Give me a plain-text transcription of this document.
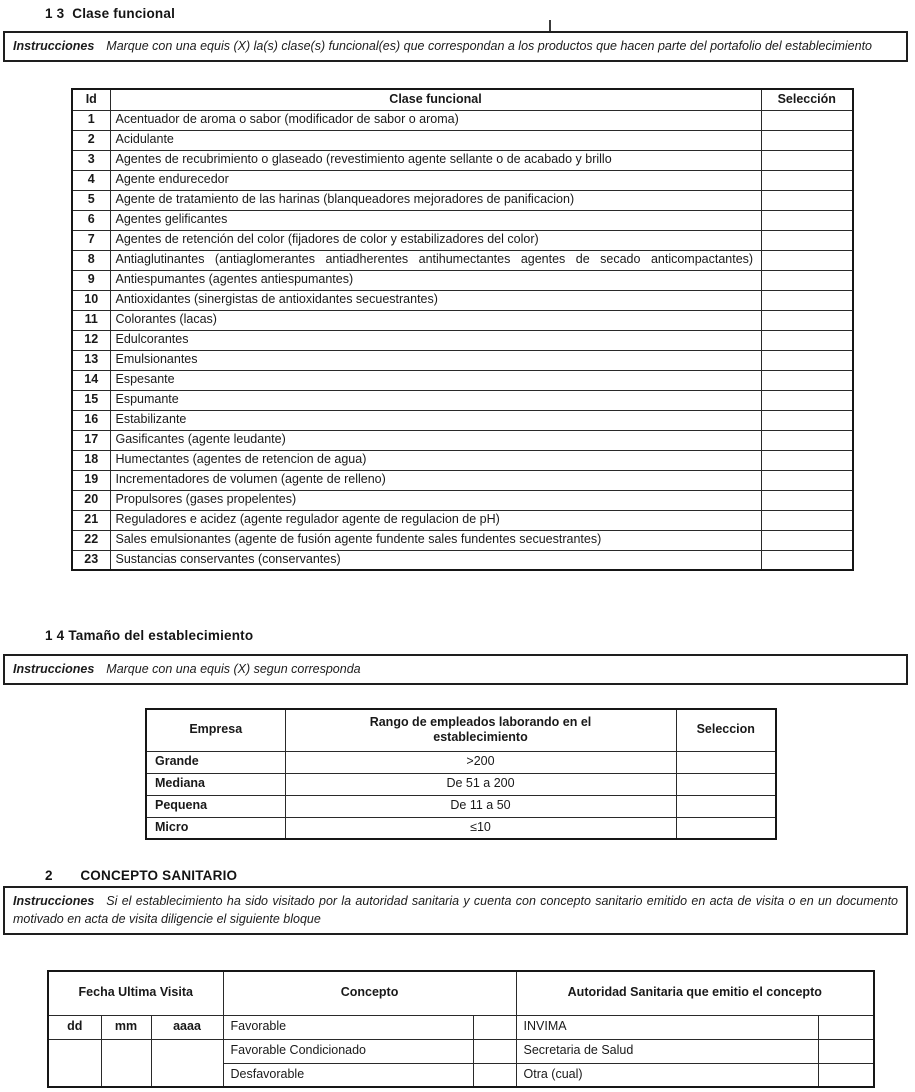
1 3  Clase funcional
Instrucciones Marque con una equis (X) la(s) clase(s) funcional(es) que correspondan a los productos que hacen parte del portafolio del establecimiento
Id	Clase funcional	Selección
1	Acentuador de aroma o sabor (modificador de sabor o aroma)	
2	Acidulante	
3	Agentes de recubrimiento o glaseado (revestimiento agente sellante o de acabado y brillo	
4	Agente endurecedor	
5	Agente de tratamiento de las harinas (blanqueadores mejoradores de panificacion)	
6	Agentes gelificantes	
7	Agentes de retención del color (fijadores de color y estabilizadores del color)	
8	Antiaglutinantes (antiaglomerantes antiadherentes antihumectantes agentes de secado anticompactantes)	
9	Antiespumantes (agentes antiespumantes)	
10	Antioxidantes (sinergistas de antioxidantes secuestrantes)	
11	Colorantes (lacas)	
12	Edulcorantes	
13	Emulsionantes	
14	Espesante	
15	Espumante	
16	Estabilizante	
17	Gasificantes (agente leudante)	
18	Humectantes (agentes de retencion de agua)	
19	Incrementadores de volumen (agente de relleno)	
20	Propulsores (gases propelentes)	
21	Reguladores e acidez (agente regulador agente de regulacion de pH)	
22	Sales emulsionantes (agente de fusión agente fundente sales fundentes secuestrantes)	
23	Sustancias conservantes (conservantes)	
1 4 Tamaño del establecimiento
Instrucciones Marque con una equis (X) segun corresponda
Empresa	Rango de empleados laborando en el establecimiento	Seleccion
Grande	>200	
Mediana	De 51 a 200	
Pequena	De 11 a 50	
Micro	≤10	
2       CONCEPTO SANITARIO
Instrucciones Si el establecimiento ha sido visitado por la autoridad sanitaria y cuenta con concepto sanitario emitido en acta de visita o en un documento motivado en acta de visita diligencie el siguiente bloque
Fecha Ultima Visita			Concepto		Autoridad Sanitaria que emitio el concepto	
dd	mm	aaaa	Favorable		INVIMA	
			Favorable Condicionado		Secretaria de Salud	
			Desfavorable		Otra (cual)	
